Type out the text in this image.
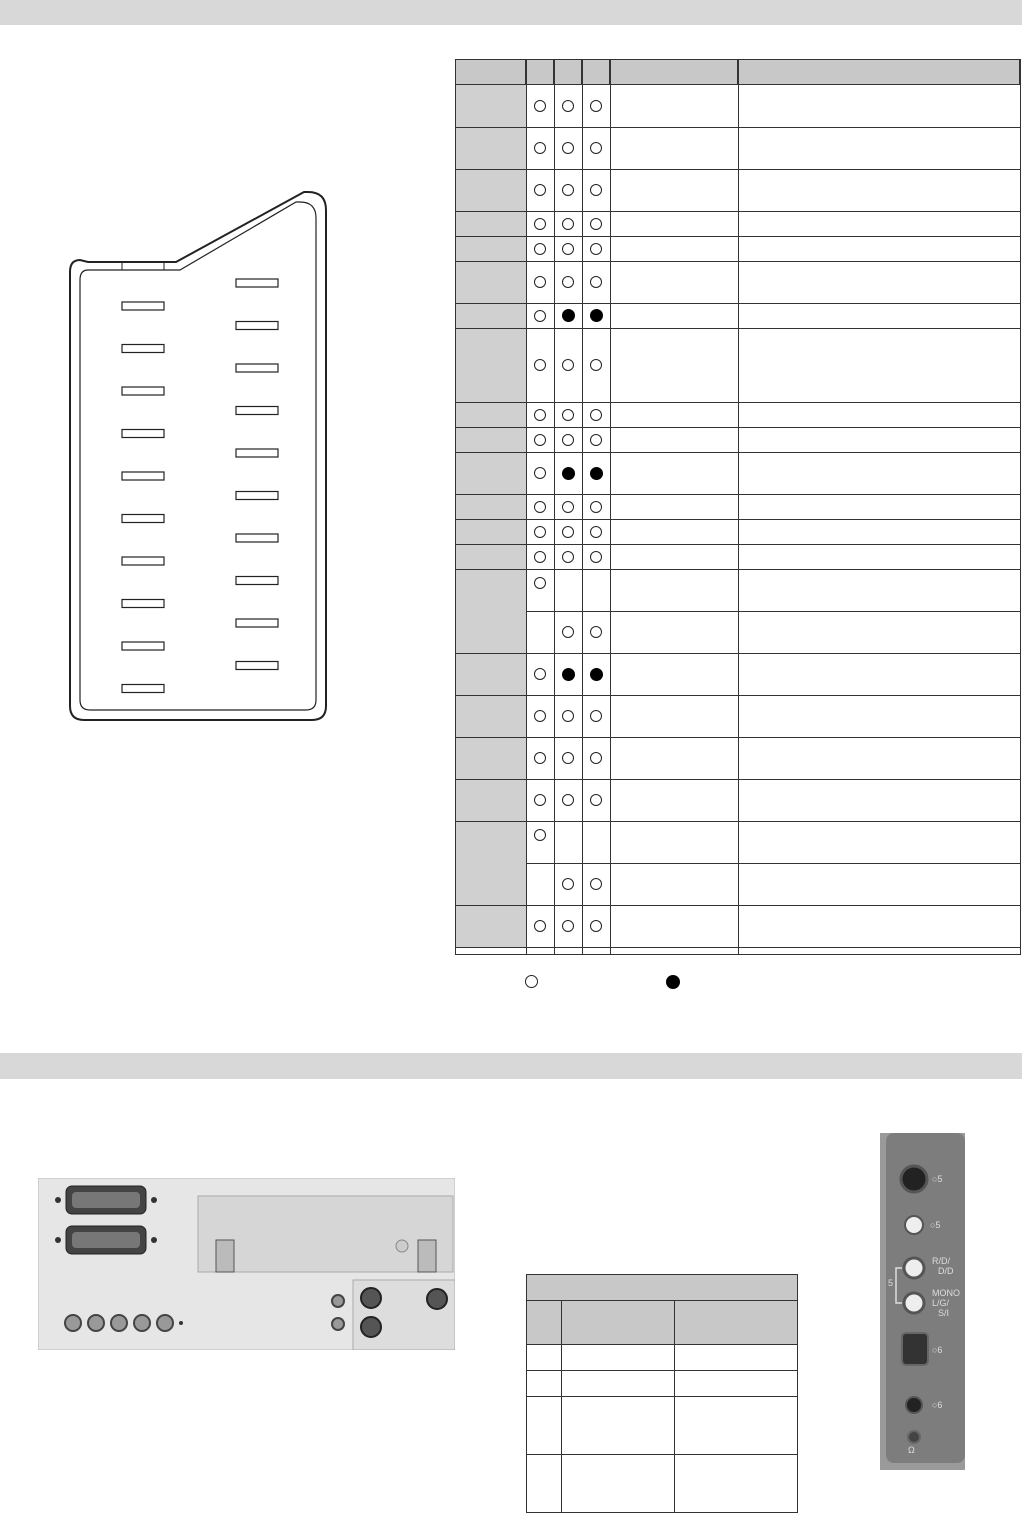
○5
○5
R/D/
D/D
MONO
L/G/
S/I
○6
○6
Ω
5
